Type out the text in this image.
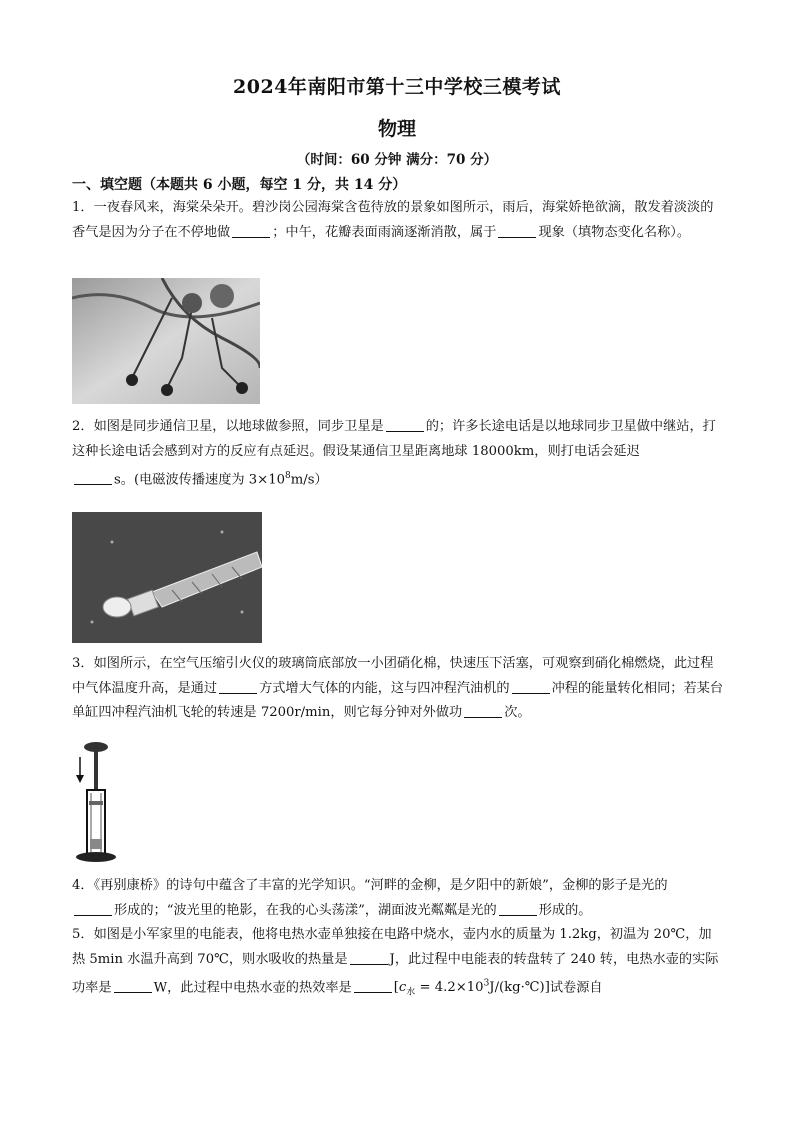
2024年南阳市第十三中学校三模考试
物理
（时间：60 分钟 满分：70 分）
一、填空题（本题共 6 小题，每空 1 分，共 14 分）
1．一夜春风来，海棠朵朵开。碧沙岗公园海棠含苞待放的景象如图所示，雨后，海棠娇艳欲滴，散发着淡淡的香气是因为分子在不停地做	；中午，花瓣表面雨滴逐渐消散，属于	现象（填物态变化名称）。
2．如图是同步通信卫星，以地球做参照，同步卫星是	的；许多长途电话是以地球同步卫星做中继站，打这种长途电话会感到对方的反应有点延迟。假设某通信卫星距离地球 18000km，则打电话会延迟
s。(电磁波传播速度为 $3\times 10^8m/s$）
3．如图所示，在空气压缩引火仪的玻璃筒底部放一小团硝化棉，快速压下活塞，可观察到硝化棉燃烧，此过程中气体温度升高，是通过	方式增大气体的内能，这与四冲程汽油机的	冲程的能量转化相同；若某台单缸四冲程汽油机飞轮的转速是 7200r/min，则它每分钟对外做功	次。
4．《再别康桥》的诗句中蕴含了丰富的光学知识。“河畔的金柳，是夕阳中的新娘”，金柳的影子是光的
形成的；“波光里的艳影，在我的心头荡漾”，湖面波光粼粼是光的	形成的。
5．如图是小军家里的电能表，他将电热水壶单独接在电路中烧水，壶内水的质量为 1.2kg，初温为 20℃，加热 5min 水温升高到 70℃，则水吸收的热量是	J，此过程中电能表的转盘转了 240 转，电热水壶的实际功率是	W，此过程中电热水壶的热效率是	[$c_水$ = $4.2\times 10^3J/(kg\cdot℃)$]试卷源自
